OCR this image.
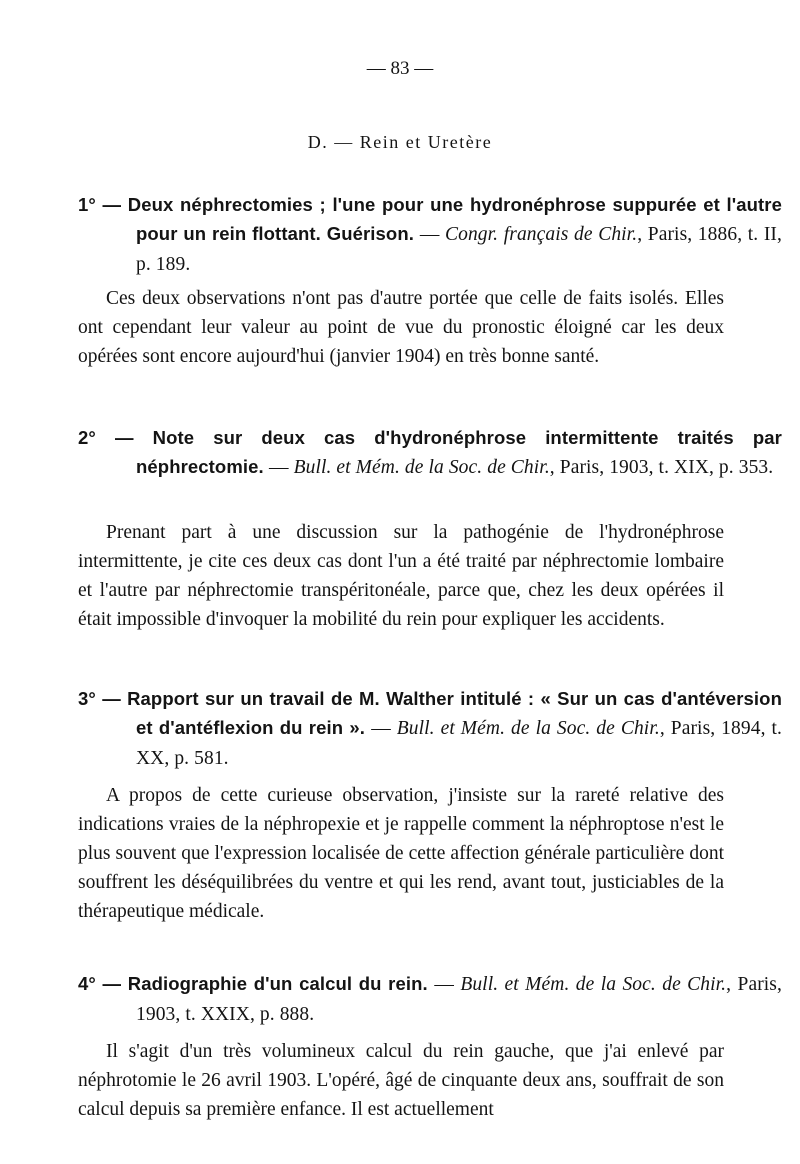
— 83 —
D. — Rein et Uretère
1° — Deux néphrectomies ; l'une pour une hydronéphrose suppurée et l'autre pour un rein flottant. Guérison. — Congr. français de Chir., Paris, 1886, t. II, p. 189.

Ces deux observations n'ont pas d'autre portée que celle de faits isolés. Elles ont cependant leur valeur au point de vue du pronostic éloigné car les deux opérées sont encore aujourd'hui (janvier 1904) en très bonne santé.

2° — Note sur deux cas d'hydronéphrose intermittente traités par néphrectomie. — Bull. et Mém. de la Soc. de Chir., Paris, 1903, t. XIX, p. 353.

Prenant part à une discussion sur la pathogénie de l'hydronéphrose intermittente, je cite ces deux cas dont l'un a été traité par néphrectomie lombaire et l'autre par néphrectomie transpéritonéale, parce que, chez les deux opérées il était impossible d'invoquer la mobilité du rein pour expliquer les accidents.

3° — Rapport sur un travail de M. Walther intitulé : « Sur un cas d'antéversion et d'antéflexion du rein ». — Bull. et Mém. de la Soc. de Chir., Paris, 1894, t. XX, p. 581.

A propos de cette curieuse observation, j'insiste sur la rareté relative des indications vraies de la néphropexie et je rappelle comment la néphroptose n'est le plus souvent que l'expression localisée de cette affection générale particulière dont souffrent les déséquilibrées du ventre et qui les rend, avant tout, justiciables de la thérapeutique médicale.

4° — Radiographie d'un calcul du rein. — Bull. et Mém. de la Soc. de Chir., Paris, 1903, t. XXIX, p. 888.

Il s'agit d'un très volumineux calcul du rein gauche, que j'ai enlevé par néphrotomie le 26 avril 1903. L'opéré, âgé de cinquante deux ans, souffrait de son calcul depuis sa première enfance. Il est actuellement
